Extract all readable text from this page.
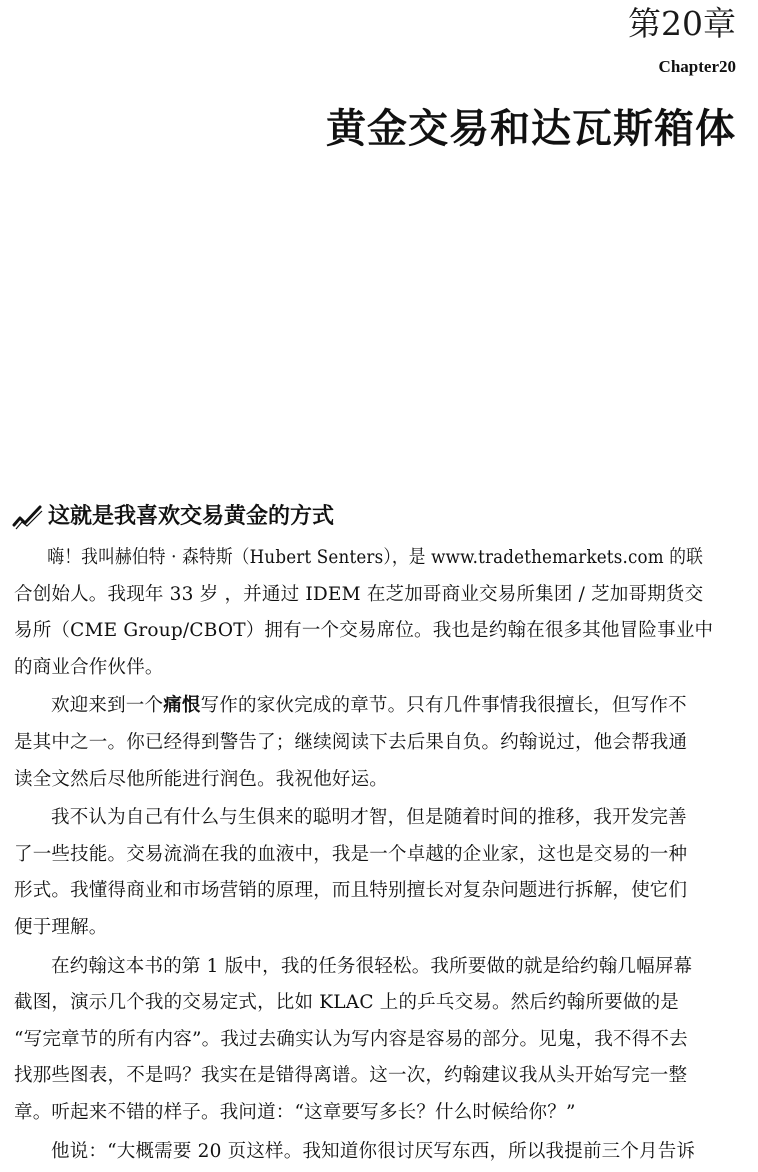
第20章
Chapter20
黄金交易和达瓦斯箱体
这就是我喜欢交易黄金的方式

嗨！我叫赫伯特 · 森特斯（Hubert Senters），是 www.tradethemarkets.com 的联
合创始人。我现年 33 岁 ，并通过 IDEM 在芝加哥商业交易所集团 / 芝加哥期货交
易所（CME Group/CBOT）拥有一个交易席位。我也是约翰在很多其他冒险事业中
的商业合作伙伴。

欢迎来到一个痛恨写作的家伙完成的章节。只有几件事情我很擅长，但写作不
是其中之一。你已经得到警告了；继续阅读下去后果自负。约翰说过，他会帮我通
读全文然后尽他所能进行润色。我祝他好运。

我不认为自己有什么与生俱来的聪明才智，但是随着时间的推移，我开发完善
了一些技能。交易流淌在我的血液中，我是一个卓越的企业家，这也是交易的一种
形式。我懂得商业和市场营销的原理，而且特别擅长对复杂问题进行拆解，使它们
便于理解。

在约翰这本书的第 1 版中，我的任务很轻松。我所要做的就是给约翰几幅屏幕
截图，演示几个我的交易定式，比如 KLAC 上的乒乓交易。然后约翰所要做的是
“写完章节的所有内容”。我过去确实认为写内容是容易的部分。见鬼，我不得不去
找那些图表，不是吗？我实在是错得离谱。这一次，约翰建议我从头开始写完一整
章。听起来不错的样子。我问道：“这章要写多长？什么时候给你？”

他说：“大概需要 20 页这样。我知道你很讨厌写东西，所以我提前三个月告诉
